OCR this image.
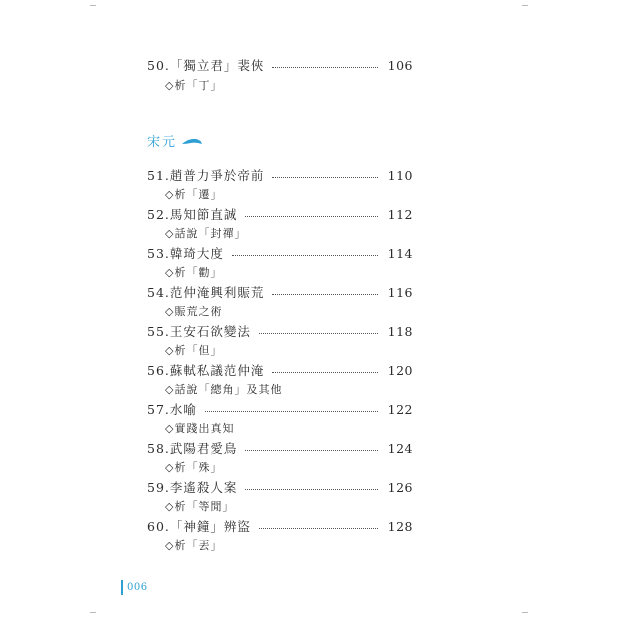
50.「獨立君」裴俠	106
◇析「丁」
宋元
51.趙普力爭於帝前	110
◇析「遷」
52.馬知節直誠	112
◇話說「封禪」
53.韓琦大度	114
◇析「勸」
54.范仲淹興利賑荒	116
◇賑荒之術
55.王安石欲變法	118
◇析「但」
56.蘇軾私議范仲淹	120
◇話說「總角」及其他
57.水喻	122
◇實踐出真知
58.武陽君愛鳥	124
◇析「殊」
59.李遙殺人案	126
◇析「等閒」
60.「神鐘」辨盜	128
◇析「丟」
006
